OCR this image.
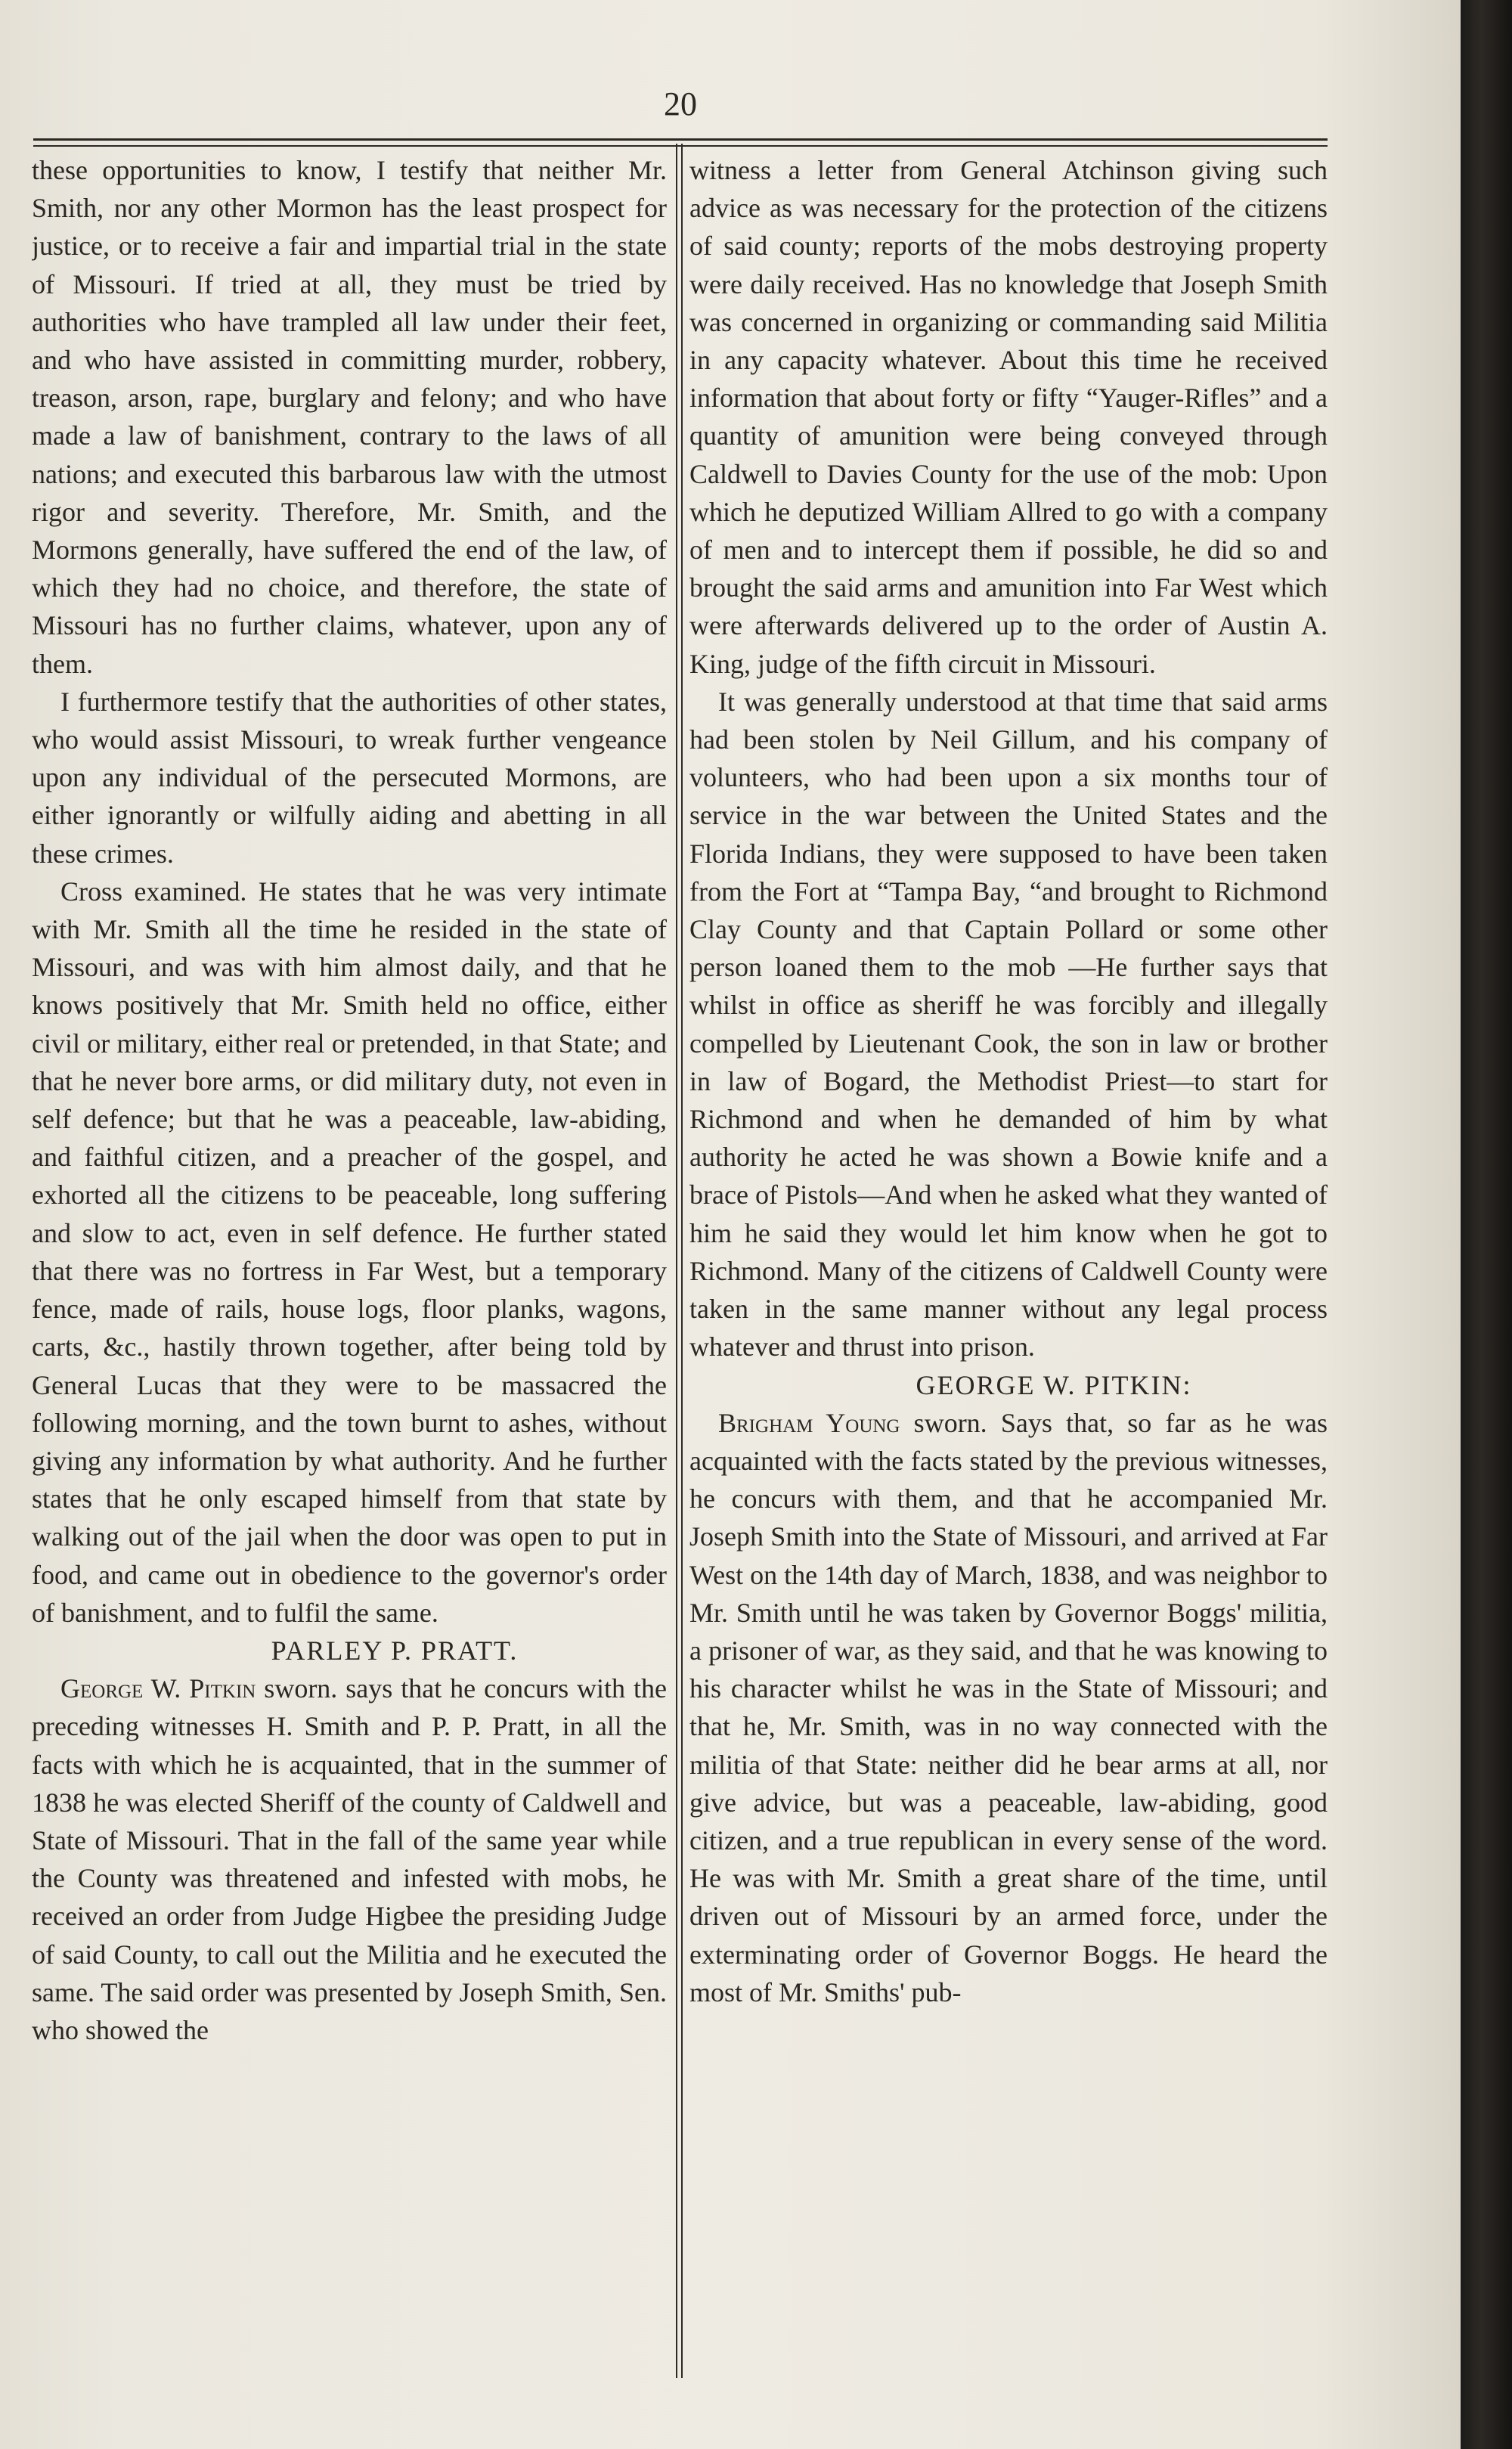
20

these opportunities to know, I testify that neither Mr. Smith, nor any other Mormon has the least prospect for justice, or to receive a fair and impartial trial in the state of Missouri. If tried at all, they must be tried by authorities who have trampled all law under their feet, and who have assisted in committing murder, robbery, treason, arson, rape, burglary and felony; and who have made a law of banishment, contrary to the laws of all nations; and executed this barbarous law with the utmost rigor and severity. Therefore, Mr. Smith, and the Mormons generally, have suffered the end of the law, of which they had no choice, and therefore, the state of Missouri has no further claims, whatever, upon any of them.

I furthermore testify that the authorities of other states, who would assist Missouri, to wreak further vengeance upon any individual of the persecuted Mormons, are either ignorantly or wilfully aiding and abetting in all these crimes.

Cross examined. He states that he was very intimate with Mr. Smith all the time he resided in the state of Missouri, and was with him almost daily, and that he knows positively that Mr. Smith held no office, either civil or military, either real or pretended, in that State; and that he never bore arms, or did military duty, not even in self defence; but that he was a peaceable, law-abiding, and faithful citizen, and a preacher of the gospel, and exhorted all the citizens to be peaceable, long suffering and slow to act, even in self defence. He further stated that there was no fortress in Far West, but a temporary fence, made of rails, house logs, floor planks, wagons, carts, &c., hastily thrown together, after being told by General Lucas that they were to be massacred the following morning, and the town burnt to ashes, without giving any information by what authority. And he further states that he only escaped himself from that state by walking out of the jail when the door was open to put in food, and came out in obedience to the governor's order of banishment, and to fulfil the same.

PARLEY P. PRATT.

George W. Pitkin sworn. says that he concurs with the preceding witnesses H. Smith and P. P. Pratt, in all the facts with which he is acquainted, that in the summer of 1838 he was elected Sheriff of the county of Caldwell and State of Missouri. That in the fall of the same year while the County was threatened and infested with mobs, he received an order from Judge Higbee the presiding Judge of said County, to call out the Militia and he executed the same. The said order was presented by Joseph Smith, Sen. who showed the

witness a letter from General Atchinson giving such advice as was necessary for the protection of the citizens of said county; reports of the mobs destroying property were daily received. Has no knowledge that Joseph Smith was concerned in organizing or commanding said Militia in any capacity whatever. About this time he received information that about forty or fifty “Yauger-Rifles” and a quantity of amunition were being conveyed through Caldwell to Davies County for the use of the mob: Upon which he deputized William Allred to go with a company of men and to intercept them if possible, he did so and brought the said arms and amunition into Far West which were afterwards delivered up to the order of Austin A. King, judge of the fifth circuit in Missouri.

It was generally understood at that time that said arms had been stolen by Neil Gillum, and his company of volunteers, who had been upon a six months tour of service in the war between the United States and the Florida Indians, they were supposed to have been taken from the Fort at “Tampa Bay, “and brought to Richmond Clay County and that Captain Pollard or some other person loaned them to the mob —He further says that whilst in office as sheriff he was forcibly and illegally compelled by Lieutenant Cook, the son in law or brother in law of Bogard, the Methodist Priest—to start for Richmond and when he demanded of him by what authority he acted he was shown a Bowie knife and a brace of Pistols—And when he asked what they wanted of him he said they would let him know when he got to Richmond. Many of the citizens of Caldwell County were taken in the same manner without any legal process whatever and thrust into prison.

GEORGE W. PITKIN:

Brigham Young sworn. Says that, so far as he was acquainted with the facts stated by the previous witnesses, he concurs with them, and that he accompanied Mr. Joseph Smith into the State of Missouri, and arrived at Far West on the 14th day of March, 1838, and was neighbor to Mr. Smith until he was taken by Governor Boggs' militia, a prisoner of war, as they said, and that he was knowing to his character whilst he was in the State of Missouri; and that he, Mr. Smith, was in no way connected with the militia of that State: neither did he bear arms at all, nor give advice, but was a peaceable, law-abiding, good citizen, and a true republican in every sense of the word. He was with Mr. Smith a great share of the time, until driven out of Missouri by an armed force, under the exterminating order of Governor Boggs. He heard the most of Mr. Smiths' pub-
